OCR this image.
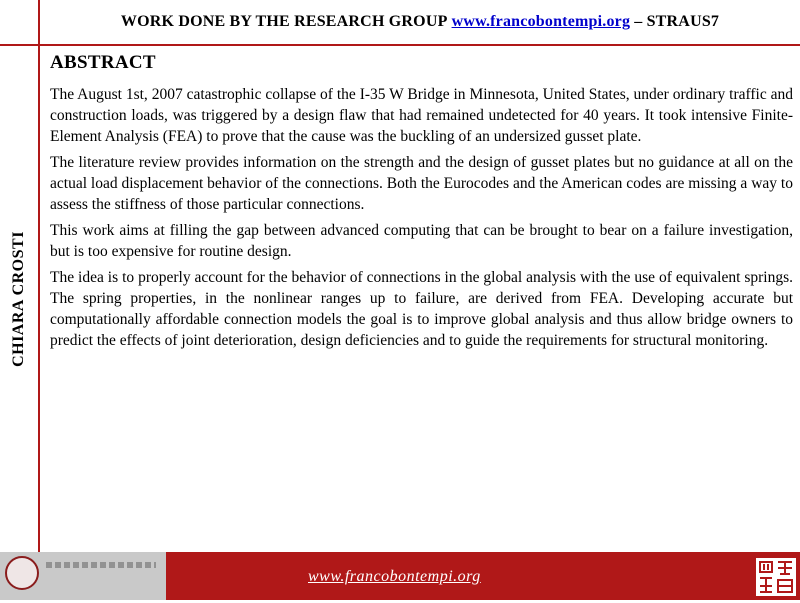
WORK DONE BY THE RESEARCH GROUP www.francobontempi.org – STRAUS7
CHIARA CROSTI
ABSTRACT

The August 1st, 2007 catastrophic collapse of the I-35 W Bridge in Minnesota, United States, under ordinary traffic and construction loads, was triggered by a design flaw that had remained undetected for 40 years. It took intensive Finite-Element Analysis (FEA) to prove that the cause was the buckling of an undersized gusset plate.

The literature review provides information on the strength and the design of gusset plates but no guidance at all on the actual load displacement behavior of the connections. Both the Eurocodes and the American codes are missing a way to assess the stiffness of those particular connections.

This work aims at filling the gap between advanced computing that can be brought to bear on a failure investigation, but is too expensive for routine design.

The idea is to properly account for the behavior of connections in the global analysis with the use of equivalent springs. The spring properties, in the nonlinear ranges up to failure, are derived from FEA. Developing accurate but computationally affordable connection models the goal is to improve global analysis and thus allow bridge owners to predict the effects of joint deterioration, design deficiencies and to guide the requirements for structural monitoring.

www.francobontempi.org
